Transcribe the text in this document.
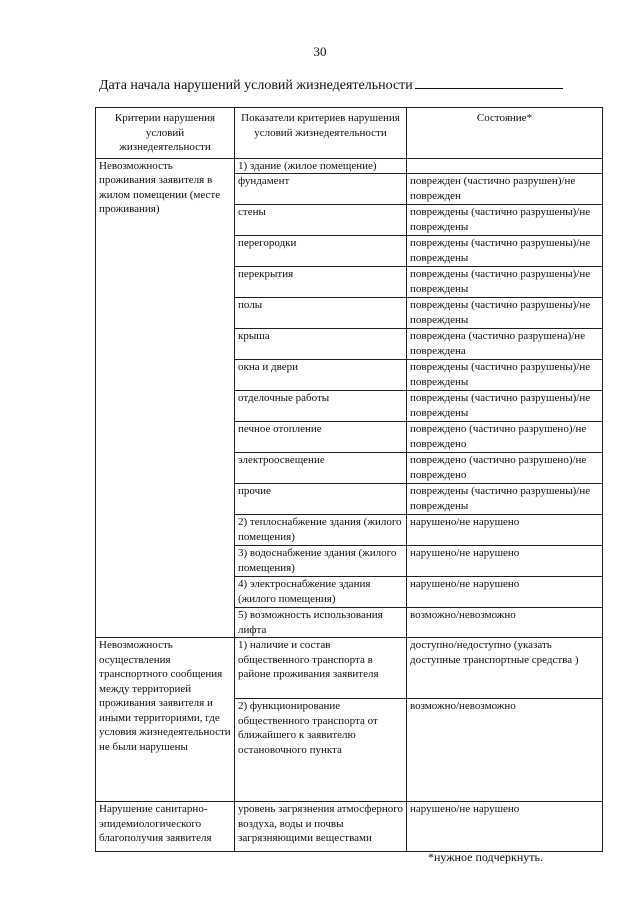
30
Дата начала нарушений условий жизнедеятельности
Критерии нарушения условий жизнедеятельности	Показатели критериев нарушения условий жизнедеятельности	Состояние*
Невозможность проживания заявителя в жилом помещении (месте проживания)	1) здание (жилое помещение)	
	фундамент	поврежден (частично разрушен)/не поврежден
	стены	повреждены (частично разрушены)/не повреждены
	перегородки	повреждены (частично разрушены)/не повреждены
	перекрытия	повреждены (частично разрушены)/не повреждены
	полы	повреждены (частично разрушены)/не повреждены
	крыша	повреждена (частично разрушена)/не повреждена
	окна и двери	повреждены (частично разрушены)/не повреждены
	отделочные работы	повреждены (частично разрушены)/не повреждены
	печное отопление	повреждено (частично разрушено)/не повреждено
	электроосвещение	повреждено (частично разрушено)/не повреждено
	прочие	повреждены (частично разрушены)/не повреждены
	2) теплоснабжение здания (жилого помещения)	нарушено/не нарушено
	3) водоснабжение здания (жилого помещения)	нарушено/не нарушено
	4) электроснабжение здания (жилого помещения)	нарушено/не нарушено
	5) возможность использования лифта	возможно/невозможно
Невозможность осуществления транспортного сообщения между территорией проживания заявителя и иными территориями, где условия жизнедеятельности не были нарушены	1) наличие и состав общественного транспорта в районе проживания заявителя	доступно/недоступно (указать доступные транспортные средства )
	2) функционирование общественного транспорта от ближайшего к заявителю остановочного пункта	возможно/невозможно
Нарушение санитарно-эпидемиологического благополучия заявителя	уровень загрязнения атмосферного воздуха, воды и почвы загрязняющими веществами	нарушено/не нарушено
*нужное подчеркнуть.
